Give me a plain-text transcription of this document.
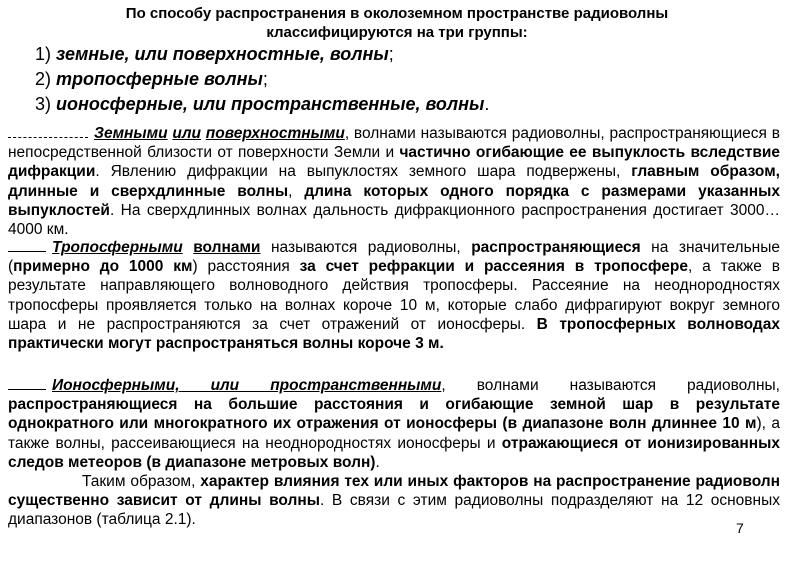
По способу распространения в околоземном пространстве радиоволны
классифицируются на три группы:
1) земные, или поверхностные, волны;
2) тропосферные волны;
3) ионосферные, или пространственные, волны.
Земными или поверхностными, волнами называются радиоволны, распространяющиеся в непосредственной близости от поверхности Земли и частично огибающие ее выпуклость вследствие дифракции. Явлению дифракции на выпуклостях земного шара подвержены, главным образом, длинные и сверхдлинные волны, длина которых одного порядка с размерами указанных выпуклостей. На сверхдлинных волнах дальность дифракционного распространения достигает 3000…4000 км.
Тропосферными волнами называются радиоволны, распространяющиеся на значительные (примерно до 1000 км) расстояния за счет рефракции и рассеяния в тропосфере, а также в результате направляющего волноводного действия тропосферы. Рассеяние на неоднородностях тропосферы проявляется только на волнах короче 10 м, которые слабо дифрагируют вокруг земного шара и не распространяются за счет отражений от ионосферы. В тропосферных волноводах практически могут распространяться волны короче 3 м.
Ионосферными, или пространственными, волнами называются радиоволны, распространяющиеся на большие расстояния и огибающие земной шар в результате однократного или многократного их отражения от ионосферы (в диапазоне волн длиннее 10 м), а также волны, рассеивающиеся на неоднородностях ионосферы и отражающиеся от ионизированных следов метеоров (в диапазоне метровых волн).
Таким образом, характер влияния тех или иных факторов на распространение радиоволн существенно зависит от длины волны. В связи с этим радиоволны подразделяют на 12 основных диапазонов (таблица 2.1).	7
